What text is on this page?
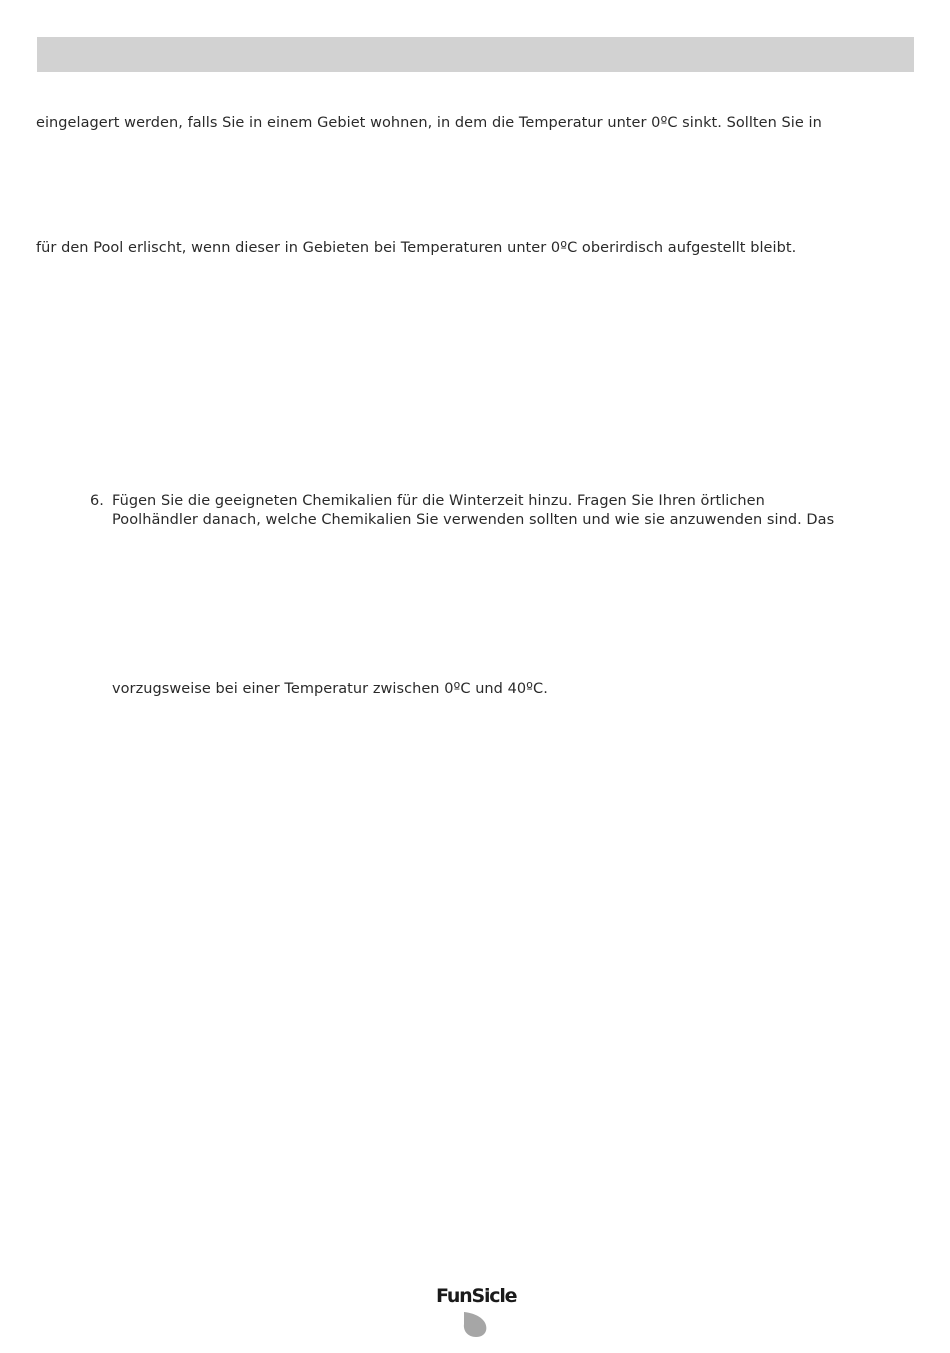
eingelagert werden, falls Sie in einem Gebiet wohnen, in dem die Temperatur unter 0ºC sinkt. Sollten Sie in
für den Pool erlischt, wenn dieser in Gebieten bei Temperaturen unter 0ºC oberirdisch aufgestellt bleibt.
6. Fügen Sie die geeigneten Chemikalien für die Winterzeit hinzu. Fragen Sie Ihren örtlichen
Poolhändler danach, welche Chemikalien Sie verwenden sollten und wie sie anzuwenden sind. Das
vorzugsweise bei einer Temperatur zwischen 0ºC und 40ºC.
FunSicle
